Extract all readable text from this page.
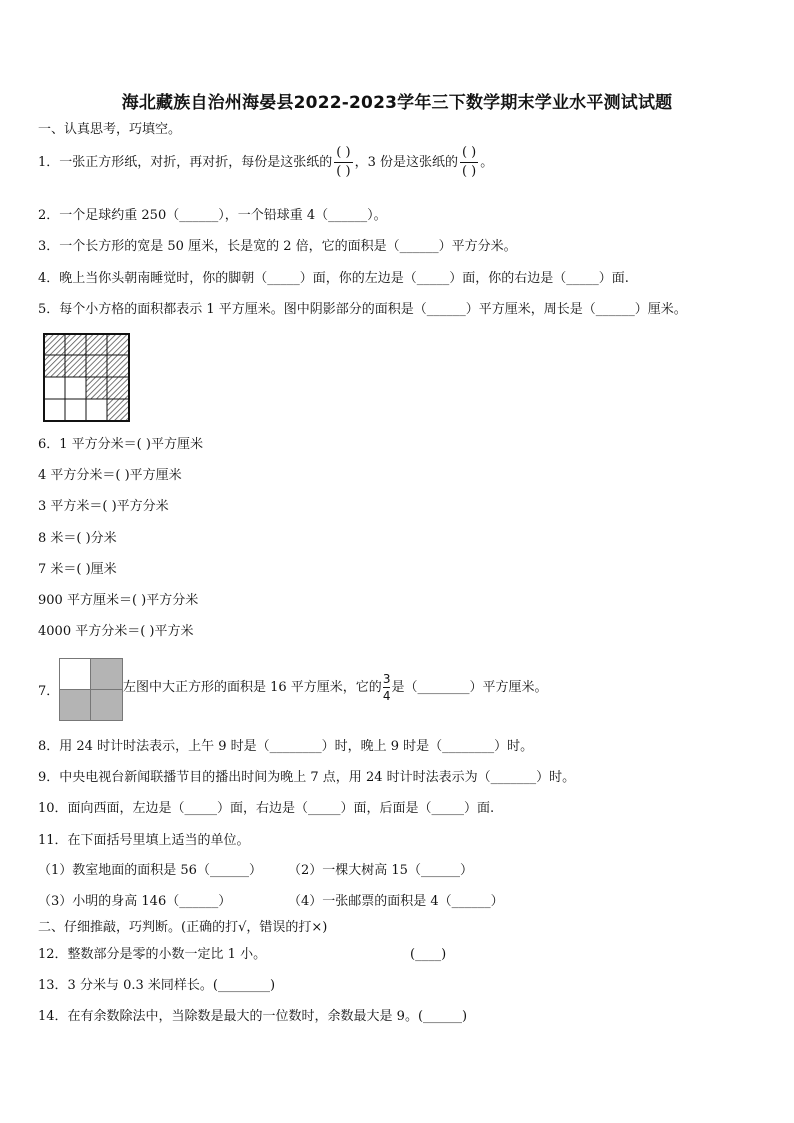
海北藏族自治州海晏县2022-2023学年三下数学期末学业水平测试试题
一、认真思考，巧填空。
1．一张正方形纸，对折，再对折，每份是这张纸的 $\frac{( )}{( )}$ ，3 份是这张纸的 $\frac{( )}{( )}$ 。
2．一个足球约重 250（______），一个铅球重 4（______）。
3．一个长方形的宽是 50 厘米，长是宽的 2 倍，它的面积是（______）平方分米。
4．晚上当你头朝南睡觉时，你的脚朝（_____）面，你的左边是（_____）面，你的右边是（_____）面.
5．每个小方格的面积都表示 1 平方厘米。图中阴影部分的面积是（______）平方厘米，周长是（______）厘米。
6．1 平方分米＝( )平方厘米
4 平方分米＝( )平方厘米
3 平方米＝( )平方分米
8 米＝( )分米
7 米＝( )厘米
900 平方厘米＝( )平方分米
4000 平方分米＝( )平方米
7．	左图中大正方形的面积是 16 平方厘米，它的 $\frac{3}{4}$ 是（________）平方厘米。
8．用 24 时计时法表示，上午 9 时是（________）时，晚上 9 时是（________）时。
9．中央电视台新闻联播节目的播出时间为晚上 7 点，用 24 时计时法表示为（_______）时。
10．面向西面，左边是（_____）面，右边是（_____）面，后面是（_____）面.
11．在下面括号里填上适当的单位。
（1）教室地面的面积是 56（______） （2）一棵大树高 15（______）
（3）小明的身高 146（______）	（4）一张邮票的面积是 4（______）
二、仔细推敲，巧判断。(正确的打√，错误的打×)
12．整数部分是零的小数一定比 1 小。	(____)
13．3 分米与 0.3 米同样长。(________)
14．在有余数除法中，当除数是最大的一位数时，余数最大是 9。(______)
